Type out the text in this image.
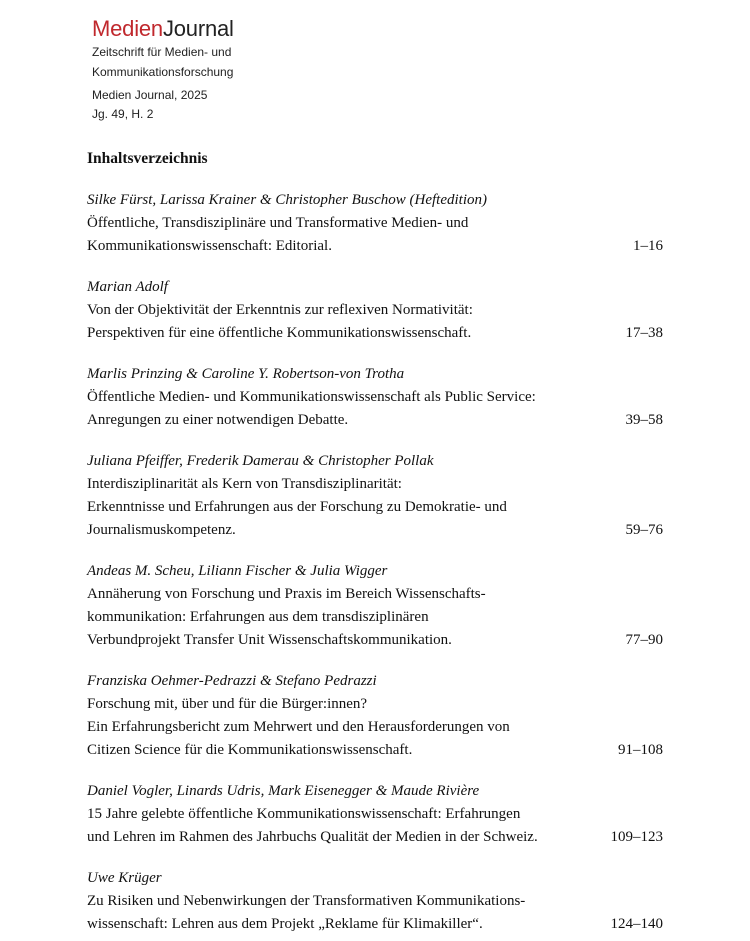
MedienJournal
Zeitschrift für Medien- und
Kommunikationsforschung
Medien Journal, 2025
Jg. 49, H. 2
Inhaltsverzeichnis
Silke Fürst, Larissa Krainer & Christopher Buschow (Heftedition)
Öffentliche, Transdisziplinäre und Transformative Medien- und
Kommunikationswissenschaft: Editorial.	1–16
Marian Adolf
Von der Objektivität der Erkenntnis zur reflexiven Normativität:
Perspektiven für eine öffentliche Kommunikationswissenschaft.	17–38
Marlis Prinzing & Caroline Y. Robertson-von Trotha
Öffentliche Medien- und Kommunikationswissenschaft als Public Service:
Anregungen zu einer notwendigen Debatte.	39–58
Juliana Pfeiffer, Frederik Damerau & Christopher Pollak
Interdisziplinarität als Kern von Transdisziplinarität:
Erkenntnisse und Erfahrungen aus der Forschung zu Demokratie- und
Journalismuskompetenz.	59–76
Andeas M. Scheu, Liliann Fischer & Julia Wigger
Annäherung von Forschung und Praxis im Bereich Wissenschafts-
kommunikation: Erfahrungen aus dem transdisziplinären
Verbundprojekt Transfer Unit Wissenschaftskommunikation.	77–90
Franziska Oehmer-Pedrazzi & Stefano Pedrazzi
Forschung mit, über und für die Bürger:innen?
Ein Erfahrungsbericht zum Mehrwert und den Herausforderungen von
Citizen Science für die Kommunikationswissenschaft.	91–108
Daniel Vogler, Linards Udris, Mark Eisenegger & Maude Rivière
15 Jahre gelebte öffentliche Kommunikationswissenschaft: Erfahrungen
und Lehren im Rahmen des Jahrbuchs Qualität der Medien in der Schweiz.	109–123
Uwe Krüger
Zu Risiken und Nebenwirkungen der Transformativen Kommunikations-
wissenschaft: Lehren aus dem Projekt „Reklame für Klimakiller“.	124–140
